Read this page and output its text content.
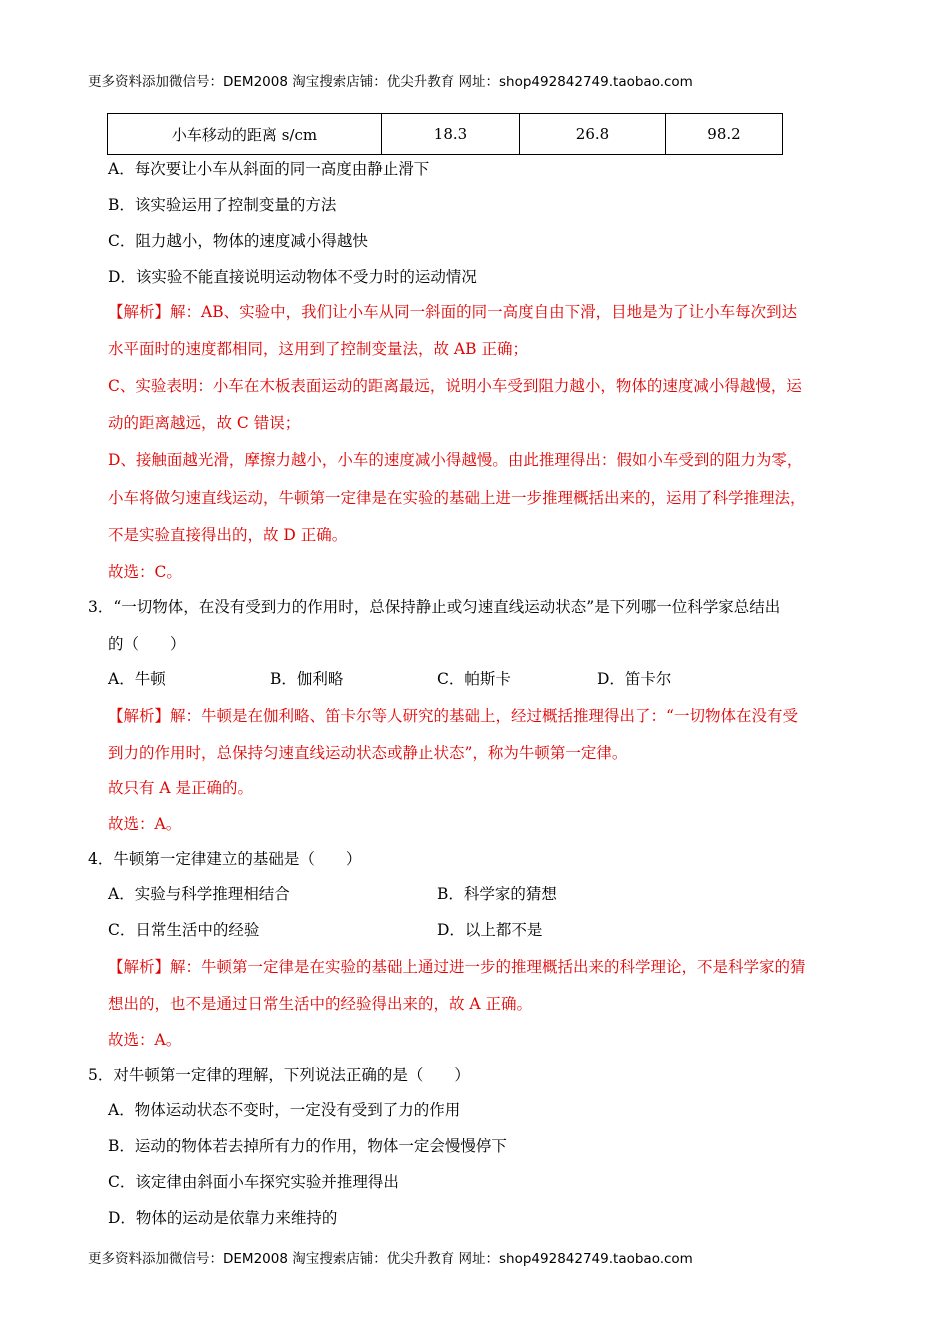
更多资料添加微信号：DEM2008 淘宝搜索店铺：优尖升教育 网址：shop492842749.taobao.com
小车移动的距离 s/cm	18.3	26.8	98.2
A．每次要让小车从斜面的同一高度由静止滑下
B．该实验运用了控制变量的方法
C．阻力越小，物体的速度减小得越快
D．该实验不能直接说明运动物体不受力时的运动情况
【解析】解：AB、实验中，我们让小车从同一斜面的同一高度自由下滑，目地是为了让小车每次到达
水平面时的速度都相同，这用到了控制变量法，故 AB 正确；
C、实验表明：小车在木板表面运动的距离最远，说明小车受到阻力越小，物体的速度减小得越慢，运
动的距离越远，故 C 错误；
D、接触面越光滑，摩擦力越小，小车的速度减小得越慢。由此推理得出：假如小车受到的阻力为零，
小车将做匀速直线运动，牛顿第一定律是在实验的基础上进一步推理概括出来的，运用了科学推理法，
不是实验直接得出的，故 D 正确。
故选：C。
3．“一切物体，在没有受到力的作用时，总保持静止或匀速直线运动状态”是下列哪一位科学家总结出
的（　　）
A．牛顿	B．伽利略	C．帕斯卡	D．笛卡尔
【解析】解：牛顿是在伽利略、笛卡尔等人研究的基础上，经过概括推理得出了：“一切物体在没有受
到力的作用时，总保持匀速直线运动状态或静止状态”，称为牛顿第一定律。
故只有 A 是正确的。
故选：A。
4．牛顿第一定律建立的基础是（　　）
A．实验与科学推理相结合	B．科学家的猜想
C．日常生活中的经验	D．以上都不是
【解析】解：牛顿第一定律是在实验的基础上通过进一步的推理概括出来的科学理论，不是科学家的猜
想出的，也不是通过日常生活中的经验得出来的，故 A 正确。
故选：A。
5．对牛顿第一定律的理解，下列说法正确的是（　　）
A．物体运动状态不变时，一定没有受到了力的作用
B．运动的物体若去掉所有力的作用，物体一定会慢慢停下
C．该定律由斜面小车探究实验并推理得出
D．物体的运动是依靠力来维持的
更多资料添加微信号：DEM2008 淘宝搜索店铺：优尖升教育 网址：shop492842749.taobao.com
